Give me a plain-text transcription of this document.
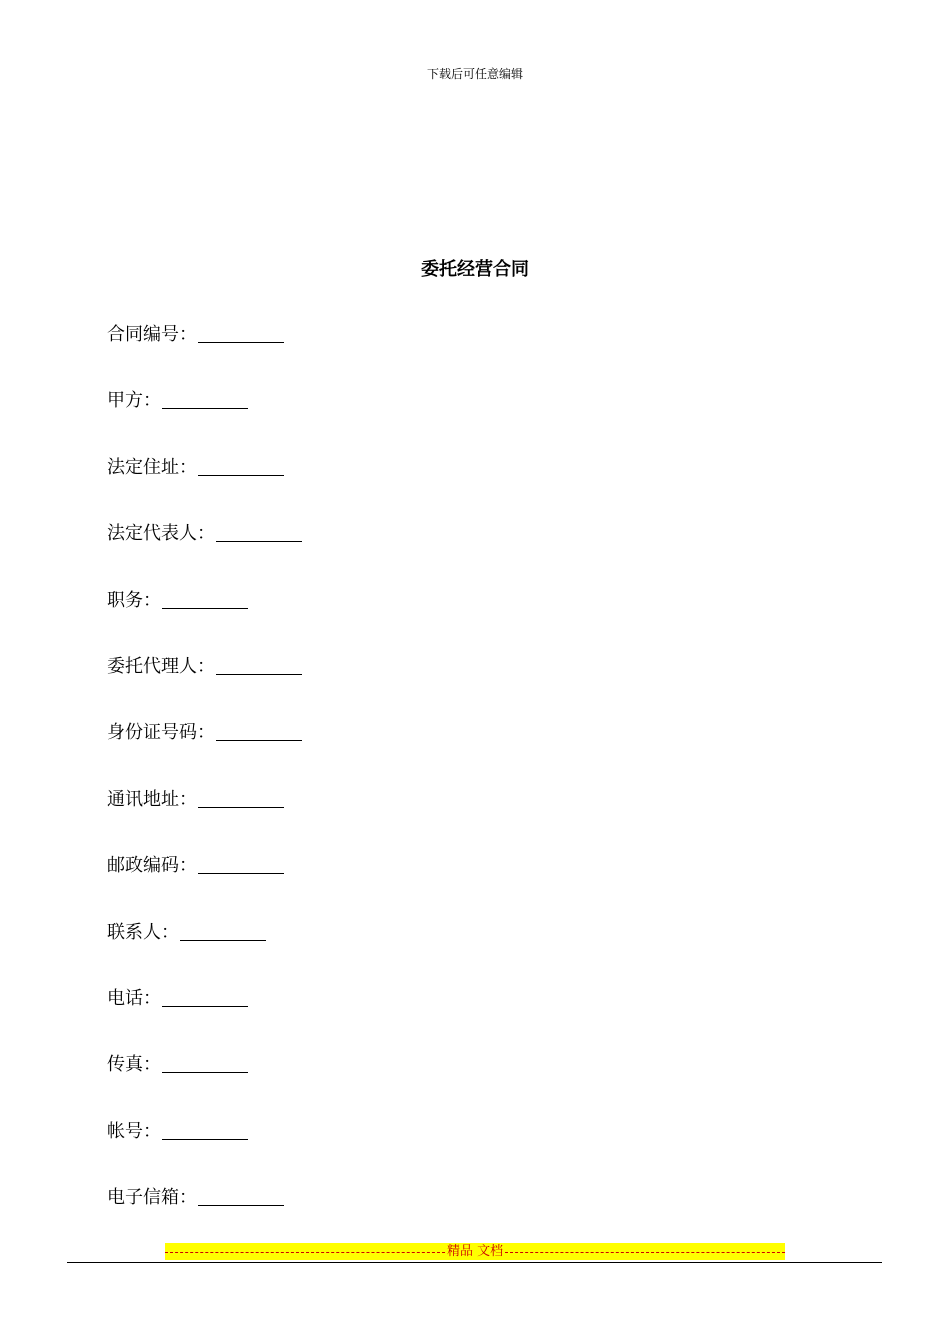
下载后可任意编辑
委托经营合同
合同编号：
甲方：
法定住址：
法定代表人：
职务：
委托代理人：
身份证号码：
通讯地址：
邮政编码：
联系人：
电话：
传真：
帐号：
电子信箱：
精品 文档
